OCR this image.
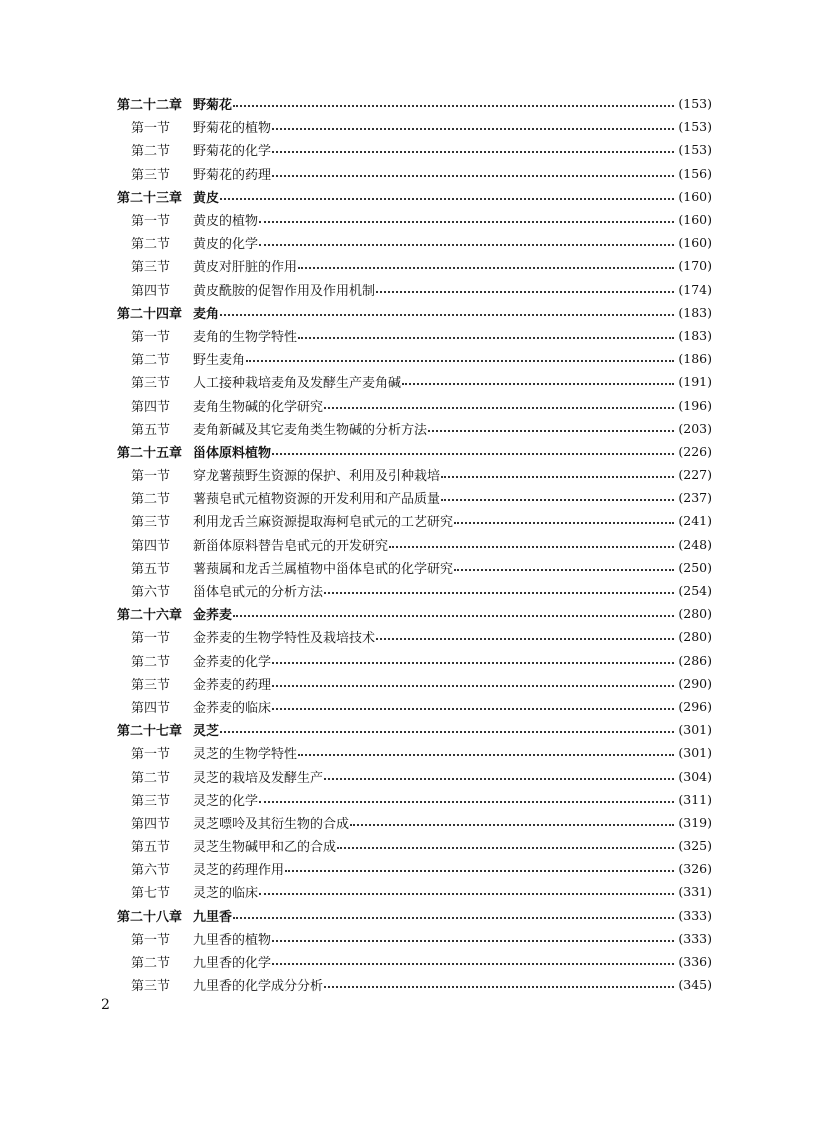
第二十二章 野菊花	(153)
第一节	野菊花的植物	(153)
第二节	野菊花的化学	(153)
第三节	野菊花的药理	(156)
第二十三章 黄皮	(160)
第一节	黄皮的植物	(160)
第二节	黄皮的化学	(160)
第三节	黄皮对肝脏的作用	(170)
第四节	黄皮酰胺的促智作用及作用机制	(174)
第二十四章 麦角	(183)
第一节	麦角的生物学特性	(183)
第二节	野生麦角	(186)
第三节	人工接种栽培麦角及发酵生产麦角碱	(191)
第四节	麦角生物碱的化学研究	(196)
第五节	麦角新碱及其它麦角类生物碱的分析方法	(203)
第二十五章 甾体原料植物	(226)
第一节	穿龙薯蓣野生资源的保护、利用及引种栽培	(227)
第二节	薯蓣皂甙元植物资源的开发利用和产品质量	(237)
第三节	利用龙舌兰麻资源提取海柯皂甙元的工艺研究	(241)
第四节	新甾体原料替告皂甙元的开发研究	(248)
第五节	薯蓣属和龙舌兰属植物中甾体皂甙的化学研究	(250)
第六节	甾体皂甙元的分析方法	(254)
第二十六章 金荞麦	(280)
第一节	金荞麦的生物学特性及栽培技术	(280)
第二节	金荞麦的化学	(286)
第三节	金荞麦的药理	(290)
第四节	金荞麦的临床	(296)
第二十七章 灵芝	(301)
第一节	灵芝的生物学特性	(301)
第二节	灵芝的栽培及发酵生产	(304)
第三节	灵芝的化学	(311)
第四节	灵芝嘌呤及其衍生物的合成	(319)
第五节	灵芝生物碱甲和乙的合成	(325)
第六节	灵芝的药理作用	(326)
第七节	灵芝的临床	(331)
第二十八章 九里香	(333)
第一节	九里香的植物	(333)
第二节	九里香的化学	(336)
第三节	九里香的化学成分分析	(345)
2
